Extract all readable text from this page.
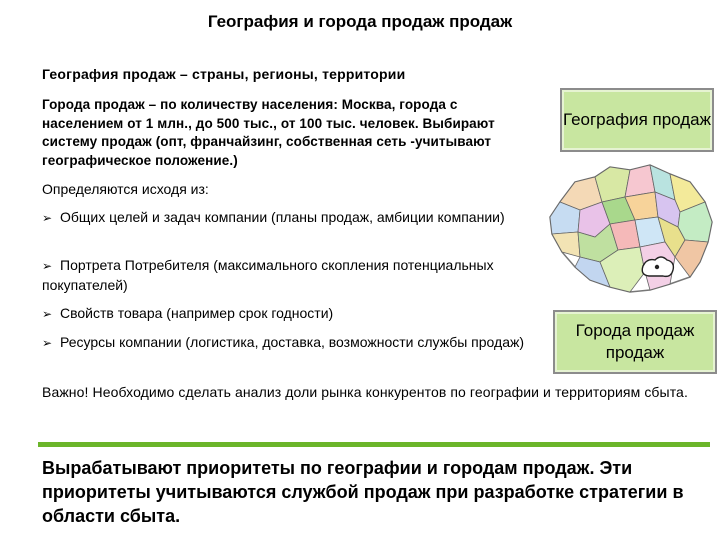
География и города продаж продаж
География продаж – страны, регионы, территории
Города продаж – по количеству населения: Москва, города с населением от 1 млн., до 500 тыс., от 100 тыс. человек. Выбирают систему продаж (опт, франчайзинг, собственная сеть -учитывают географическое положение.)
Определяются исходя из:
➢ Общих целей и задач компании (планы продаж, амбиции компании)
➢ Портрета Потребителя (максимального скопления потенциальных покупателей)
➢ Свойств товара (например срок годности)
➢ Ресурсы компании (логистика, доставка, возможности службы продаж)
География продаж
Города продаж продаж
Важно! Необходимо сделать анализ доли рынка конкурентов по географии и территориям сбыта.
Вырабатывают приоритеты по географии и городам продаж. Эти приоритеты учитываются службой продаж при разработке стратегии в области сбыта.
